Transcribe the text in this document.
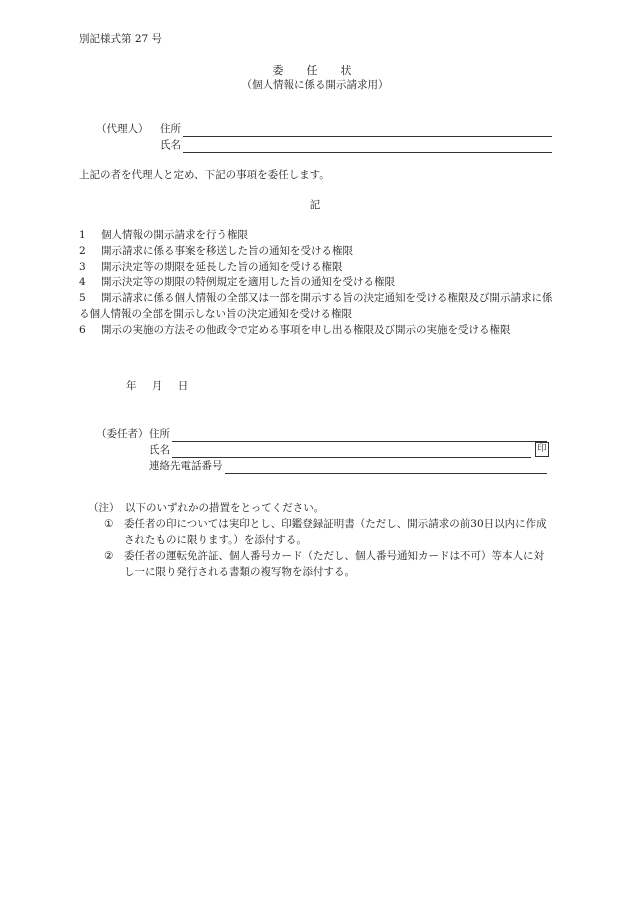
別記様式第 27 号
委　任　状
（個人情報に係る開示請求用）
（代理人） 住所
氏名
上記の者を代理人と定め、下記の事項を委任します。
記
1 個人情報の開示請求を行う権限
2 開示請求に係る事案を移送した旨の通知を受ける権限
3 開示決定等の期限を延長した旨の通知を受ける権限
4 開示決定等の期限の特例規定を適用した旨の通知を受ける権限
5 開示請求に係る個人情報の全部又は一部を開示する旨の決定通知を受ける権限及び開示請求に係る個人情報の全部を開示しない旨の決定通知を受ける権限
6 開示の実施の方法その他政令で定める事項を申し出る権限及び開示の実施を受ける権限
年 月 日
（委任者） 住所
氏名	印
連絡先電話番号
（注） 以下のいずれかの措置をとってください。
①	委任者の印については実印とし、印鑑登録証明書（ただし、開示請求の前30日以内に作成されたものに限ります。）を添付する。
②	委任者の運転免許証、個人番号カード（ただし、個人番号通知カードは不可）等本人に対し一に限り発行される書類の複写物を添付する。
